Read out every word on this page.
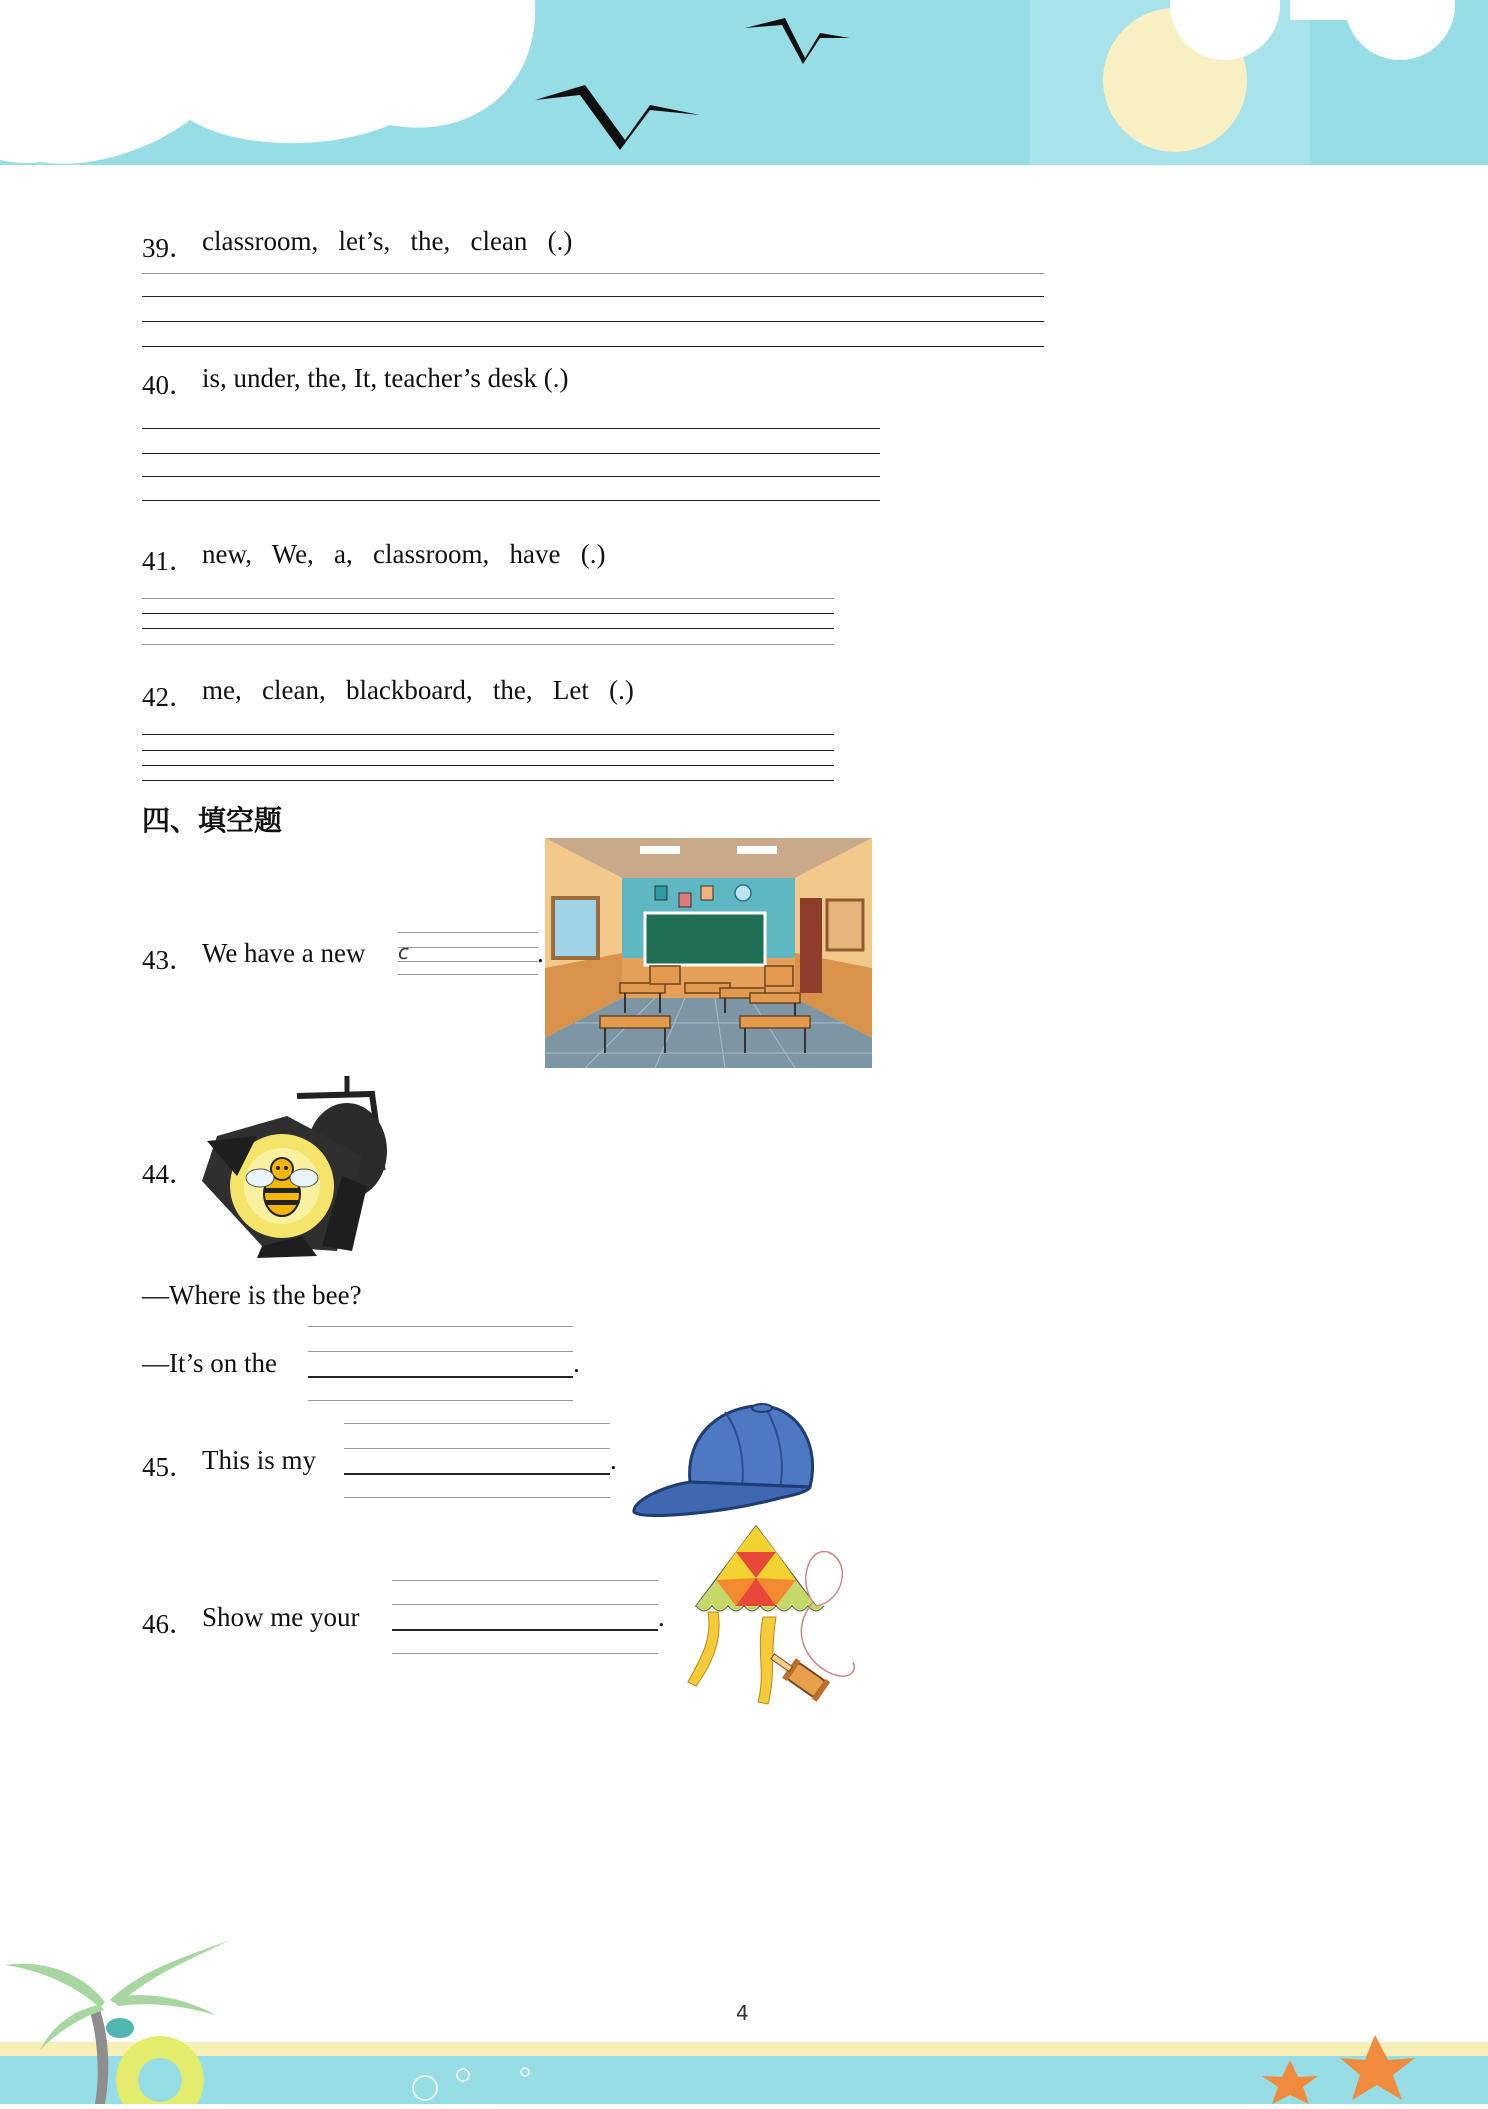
39． classroom,   let’s,   the,   clean   (.)
40． is, under, the, It, teacher’s desk (.)
41． new,   We,   a,   classroom,   have   (.)
42． me,   clean,   blackboard,   the,   Let   (.)
四、填空题
43． We have a new c	.
44．
—Where is the bee?
—It’s on the	.
45． This is my	.
46． Show me your	.
4
